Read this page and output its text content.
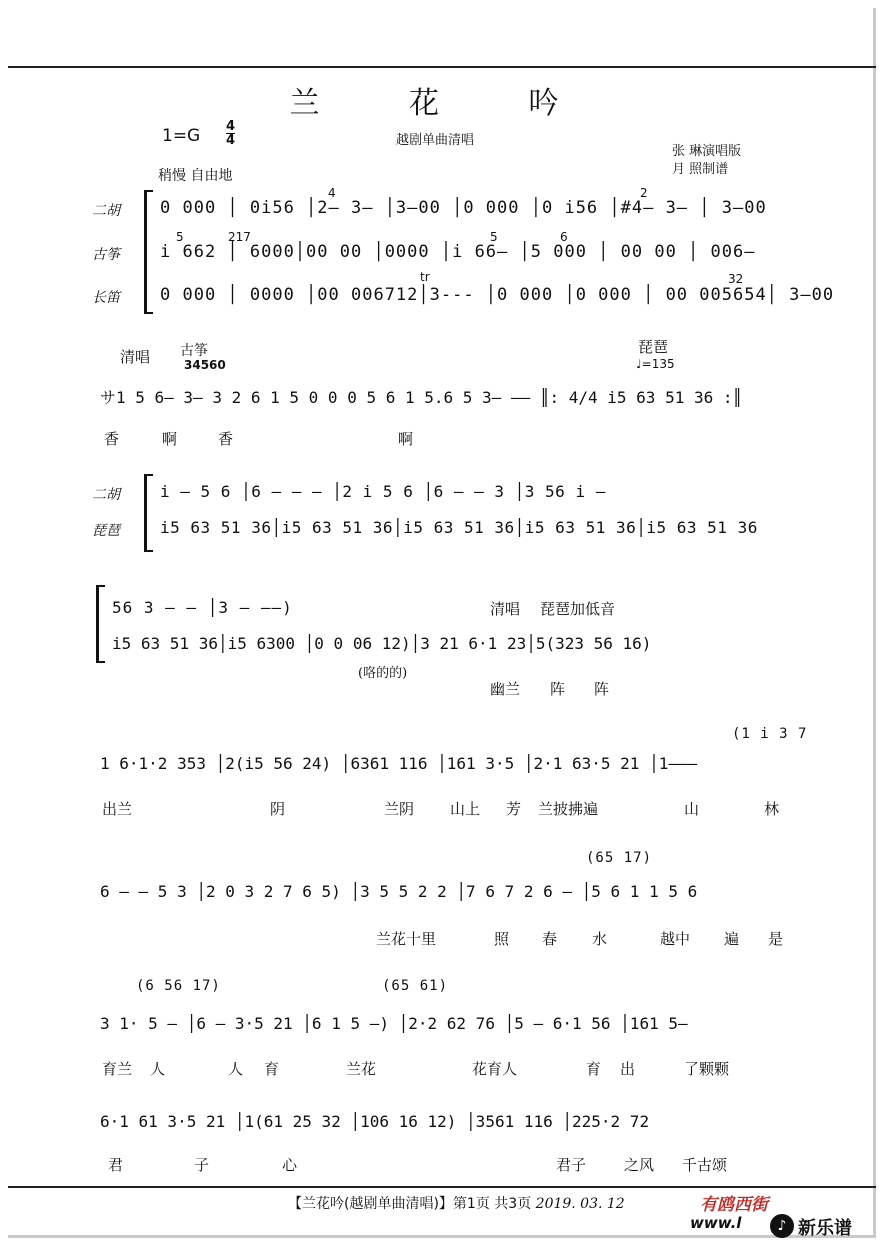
兰 花 吟
1=G 4
4	越剧单曲清唱
张 琳演唱版
月 照制谱
稍慢 自由地
二胡
古筝
长笛
0 000 │ 0i56 │2– 3– │3–00 │0 000 │0 i56 │#4– 3– │ 3–00
i 662 │ 6000│00 00 │0000 │i 66– │5 000 │ 00 00 │ 006–
0 000 │ 0000 │00 006712│3--- │0 000 │0 000 │ 00 005654│ 3–00
5	217
4	2
5	6
32
tr
清唱 古筝
34560
琵琶
♩=135
サ1 5 6– 3– 3 2 6 1 5 0 0 0 5 6 1 5.6 5 3– –– ║: 4/4 i5 63 51 36 :║
香	啊	香	啊
二胡
琵琶
i – 5 6 │6 – – – │2 i 5 6 │6 – – 3 │3 56 i –
i5 63 51 36│i5 63 51 36│i5 63 51 36│i5 63 51 36│i5 63 51 36
清唱 琵琶加低音
56 3 – – │3 – ––)
i5 63 51 36│i5 6300 │0 0 06 12)│3 21 6·1 23│5(323 56 16)
(咯的的)
幽兰 阵 阵
(1 i 3 7
1 6·1·2 353 │2(i5 56 24) │6361 116 │161 3·5 │2·1 63·5 21 │1–––
出兰	阴	兰阴 山上 芳 兰披拂遍	山	林
(65 17)
6 – – 5 3 │2 0 3 2 7 6 5) │3 5 5 2 2 │7 6 7 2 6 – │5 6 1 1 5 6
兰花十里	照 春 水	越中 遍 是
(6 56 17)	(65 61)
3 1· 5 – │6 – 3·5 21 │6 1 5 –) │2·2 62 76 │5 – 6·1 56 │161 5–
育兰 人	人 育	兰花	花育人	育 出	了颗颗
6·1 61 3·5 21 │1(61 25 32 │106 16 12) │3561 116 │225·2 72
君	子	心	君子	之风 千古颂
【兰花吟(越剧单曲清唱)】第1页 共3页 2019. 03. 12	有鸥西街
www.l	♪ 新乐谱
